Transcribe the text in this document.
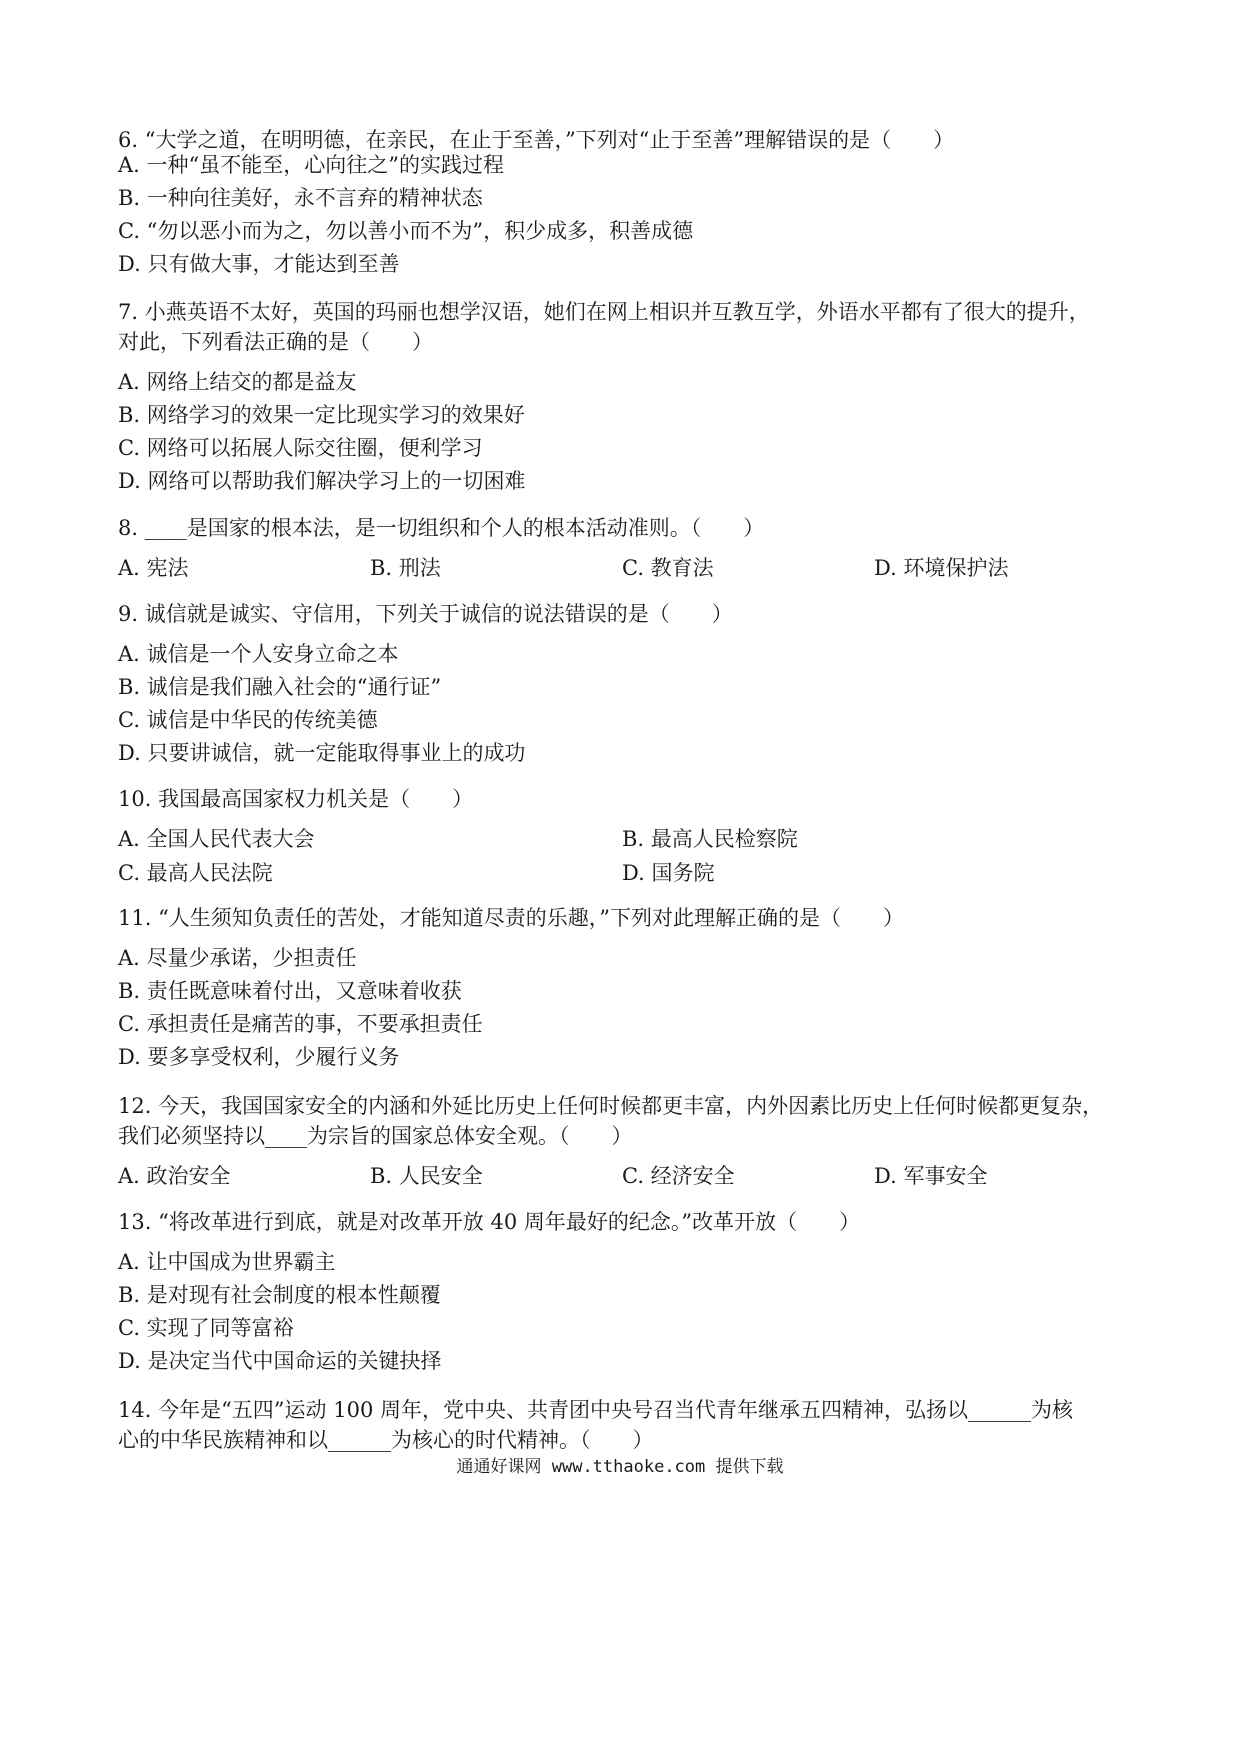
6. “大学之道，在明明德，在亲民，在止于至善，”下列对“止于至善”理解错误的是（　　）
A. 一种“虽不能至，心向往之”的实践过程
B. 一种向往美好，永不言弃的精神状态
C. “勿以恶小而为之，勿以善小而不为”，积少成多，积善成德
D. 只有做大事，才能达到至善
7. 小燕英语不太好，英国的玛丽也想学汉语，她们在网上相识并互教互学，外语水平都有了很大的提升，
对此，下列看法正确的是（　　）
A. 网络上结交的都是益友
B. 网络学习的效果一定比现实学习的效果好
C. 网络可以拓展人际交往圈，便利学习
D. 网络可以帮助我们解决学习上的一切困难
8. ____是国家的根本法，是一切组织和个人的根本活动准则。（　　）
A. 宪法	B. 刑法	C. 教育法	D. 环境保护法
9. 诚信就是诚实、守信用，下列关于诚信的说法错误的是（　　）
A. 诚信是一个人安身立命之本
B. 诚信是我们融入社会的“通行证”
C. 诚信是中华民的传统美德
D. 只要讲诚信，就一定能取得事业上的成功
10. 我国最高国家权力机关是（　　）
A. 全国人民代表大会	B. 最高人民检察院
C. 最高人民法院	D. 国务院
11. “人生须知负责任的苦处，才能知道尽责的乐趣，”下列对此理解正确的是（　　）
A. 尽量少承诺，少担责任
B. 责任既意味着付出，又意味着收获
C. 承担责任是痛苦的事，不要承担责任
D. 要多享受权利，少履行义务
12. 今天，我国国家安全的内涵和外延比历史上任何时候都更丰富，内外因素比历史上任何时候都更复杂，
我们必须坚持以____为宗旨的国家总体安全观。（　　）
A. 政治安全	B. 人民安全	C. 经济安全	D. 军事安全
13. “将改革进行到底，就是对改革开放 40 周年最好的纪念。”改革开放（　　）
A. 让中国成为世界霸主
B. 是对现有社会制度的根本性颠覆
C. 实现了同等富裕
D. 是决定当代中国命运的关键抉择
14. 今年是“五四”运动 100 周年，党中央、共青团中央号召当代青年继承五四精神，弘扬以______为核
心的中华民族精神和以______为核心的时代精神。（　　）
通通好课网 www.tthaoke.com 提供下载
